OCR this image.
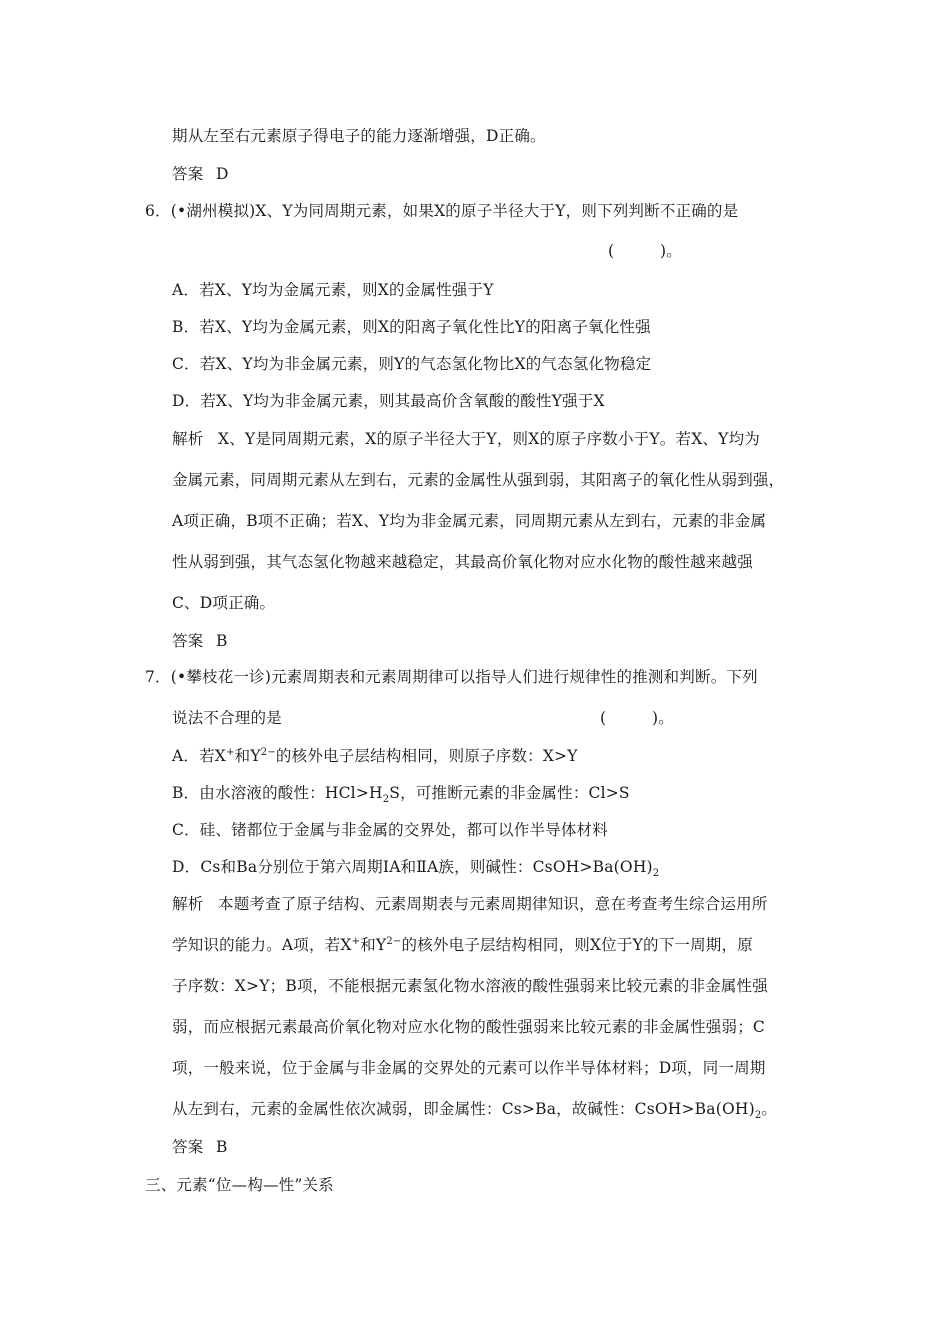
期从左至右元素原子得电子的能力逐渐增强，D正确。
答案 D
6．(•湖州模拟)X、Y为同周期元素，如果X的原子半径大于Y，则下列判断不正确的是
(	)。
A．若X、Y均为金属元素，则X的金属性强于Y
B．若X、Y均为金属元素，则X的阳离子氧化性比Y的阳离子氧化性强
C．若X、Y均为非金属元素，则Y的气态氢化物比X的气态氢化物稳定
D．若X、Y均为非金属元素，则其最高价含氧酸的酸性Y强于X
解析 X、Y是同周期元素，X的原子半径大于Y，则X的原子序数小于Y。若X、Y均为
金属元素，同周期元素从左到右，元素的金属性从强到弱，其阳离子的氧化性从弱到强，
A项正确，B项不正确；若X、Y均为非金属元素，同周期元素从左到右，元素的非金属
性从弱到强，其气态氢化物越来越稳定，其最高价氧化物对应水化物的酸性越来越强
C、D项正确。
答案 B
7．(•攀枝花一诊)元素周期表和元素周期律可以指导人们进行规律性的推测和判断。下列
说法不合理的是	(	)。
A．若X+和$Y^{2-}$的核外电子层结构相同，则原子序数：X>Y
B．由水溶液的酸性：$HCl>H_2S$，可推断元素的非金属性：Cl>S
C．硅、锗都位于金属与非金属的交界处，都可以作半导体材料
D．Cs和Ba分别位于第六周期ⅠA和ⅡA族，则碱性：$CsOH>Ba(OH)_2$
解析 本题考查了原子结构、元素周期表与元素周期律知识，意在考查考生综合运用所
学知识的能力。A项，若X+和$Y^{2-}$的核外电子层结构相同，则X位于Y的下一周期，原
子序数：X>Y；B项，不能根据元素氢化物水溶液的酸性强弱来比较元素的非金属性强
弱，而应根据元素最高价氧化物对应水化物的酸性强弱来比较元素的非金属性强弱；C
项，一般来说，位于金属与非金属的交界处的元素可以作半导体材料；D项，同一周期
从左到右，元素的金属性依次减弱，即金属性：Cs>Ba，故碱性：$CsOH>Ba(OH)_2$。
答案 B
三、元素“位—构—性”关系
